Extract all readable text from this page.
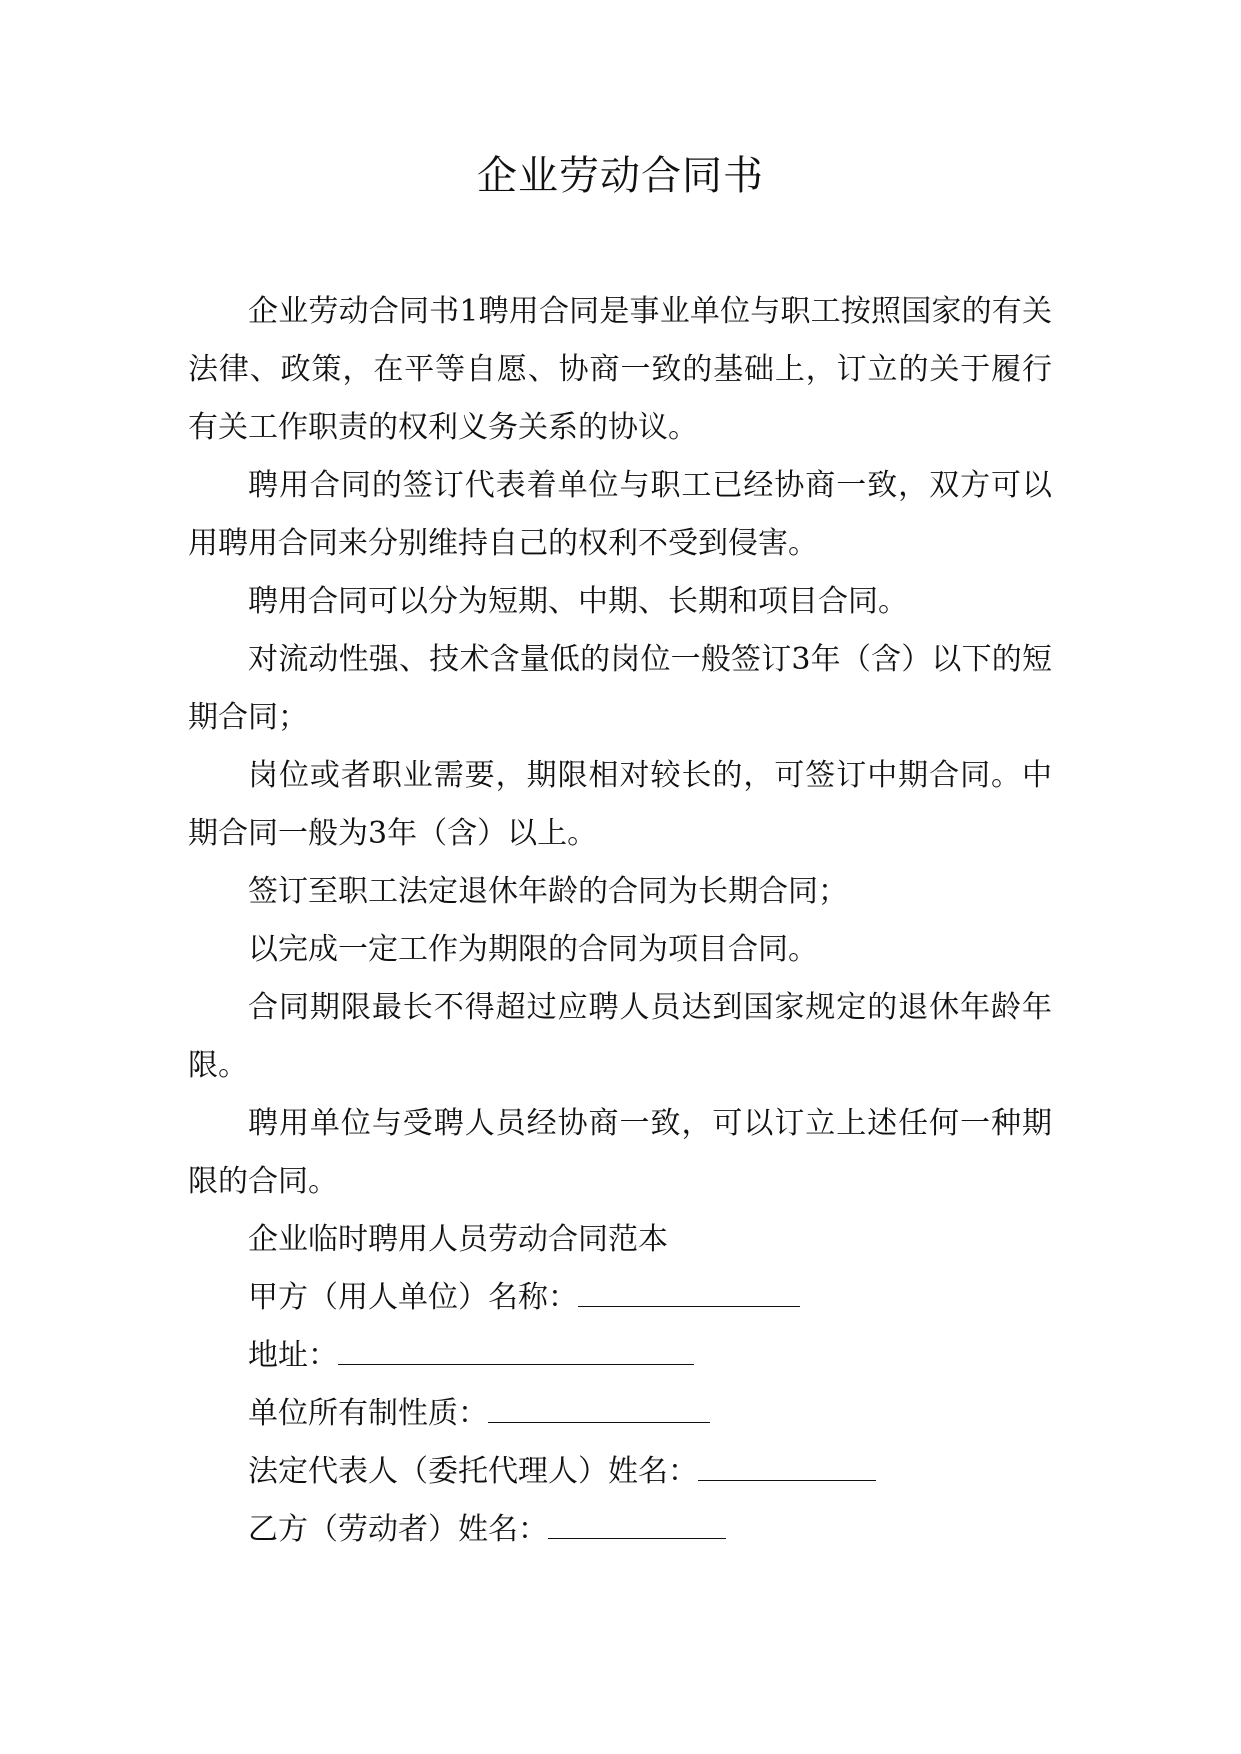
企业劳动合同书

企业劳动合同书1聘用合同是事业单位与职工按照国家的有关法律、政策，在平等自愿、协商一致的基础上，订立的关于履行有关工作职责的权利义务关系的协议。

聘用合同的签订代表着单位与职工已经协商一致，双方可以用聘用合同来分别维持自己的权利不受到侵害。

聘用合同可以分为短期、中期、长期和项目合同。

对流动性强、技术含量低的岗位一般签订3年（含）以下的短期合同；

岗位或者职业需要，期限相对较长的，可签订中期合同。中期合同一般为3年（含）以上。

签订至职工法定退休年龄的合同为长期合同；

以完成一定工作为期限的合同为项目合同。

合同期限最长不得超过应聘人员达到国家规定的退休年龄年限。

聘用单位与受聘人员经协商一致，可以订立上述任何一种期限的合同。

企业临时聘用人员劳动合同范本

甲方（用人单位）名称：
地址：
单位所有制性质：
法定代表人（委托代理人）姓名：
乙方（劳动者）姓名：
